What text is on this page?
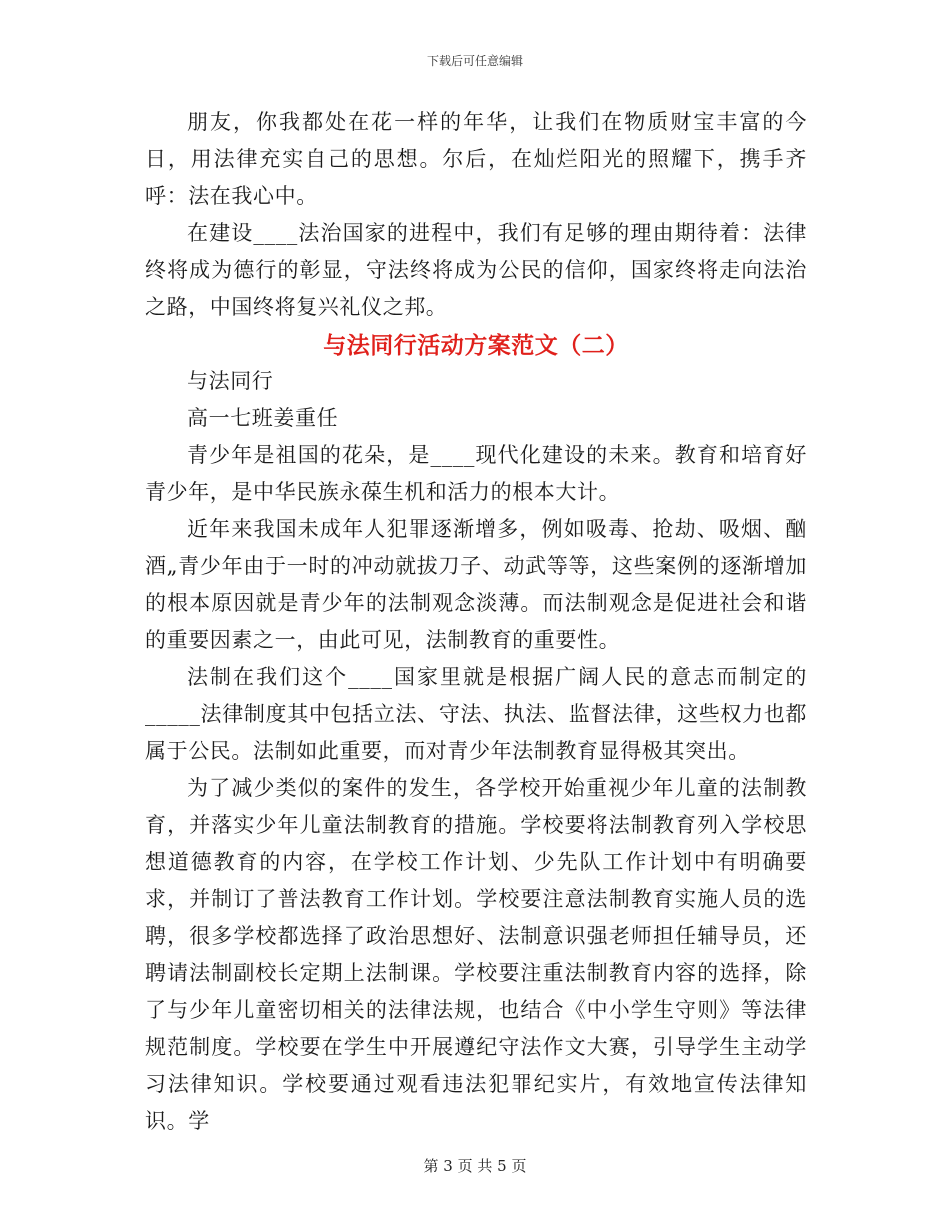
下载后可任意编辑

朋友，你我都处在花一样的年华，让我们在物质财宝丰富的今日，用法律充实自己的思想。尔后，在灿烂阳光的照耀下，携手齐呼：法在我心中。

在建设____法治国家的进程中，我们有足够的理由期待着：法律终将成为德行的彰显，守法终将成为公民的信仰，国家终将走向法治之路，中国终将复兴礼仪之邦。

与法同行活动方案范文（二）

与法同行

高一七班姜重任

青少年是祖国的花朵，是____现代化建设的未来。教育和培育好青少年，是中华民族永葆生机和活力的根本大计。

近年来我国未成年人犯罪逐渐增多，例如吸毒、抢劫、吸烟、酗酒„青少年由于一时的冲动就拔刀子、动武等等，这些案例的逐渐增加的根本原因就是青少年的法制观念淡薄。而法制观念是促进社会和谐的重要因素之一，由此可见，法制教育的重要性。

法制在我们这个____国家里就是根据广阔人民的意志而制定的_____法律制度其中包括立法、守法、执法、监督法律，这些权力也都属于公民。法制如此重要，而对青少年法制教育显得极其突出。

为了减少类似的案件的发生，各学校开始重视少年儿童的法制教育，并落实少年儿童法制教育的措施。学校要将法制教育列入学校思想道德教育的内容，在学校工作计划、少先队工作计划中有明确要求，并制订了普法教育工作计划。学校要注意法制教育实施人员的选聘，很多学校都选择了政治思想好、法制意识强老师担任辅导员，还聘请法制副校长定期上法制课。学校要注重法制教育内容的选择，除了与少年儿童密切相关的法律法规，也结合《中小学生守则》等法律规范制度。学校要在学生中开展遵纪守法作文大赛，引导学生主动学习法律知识。学校要通过观看违法犯罪纪实片，有效地宣传法律知识。学

第 3 页 共 5 页
